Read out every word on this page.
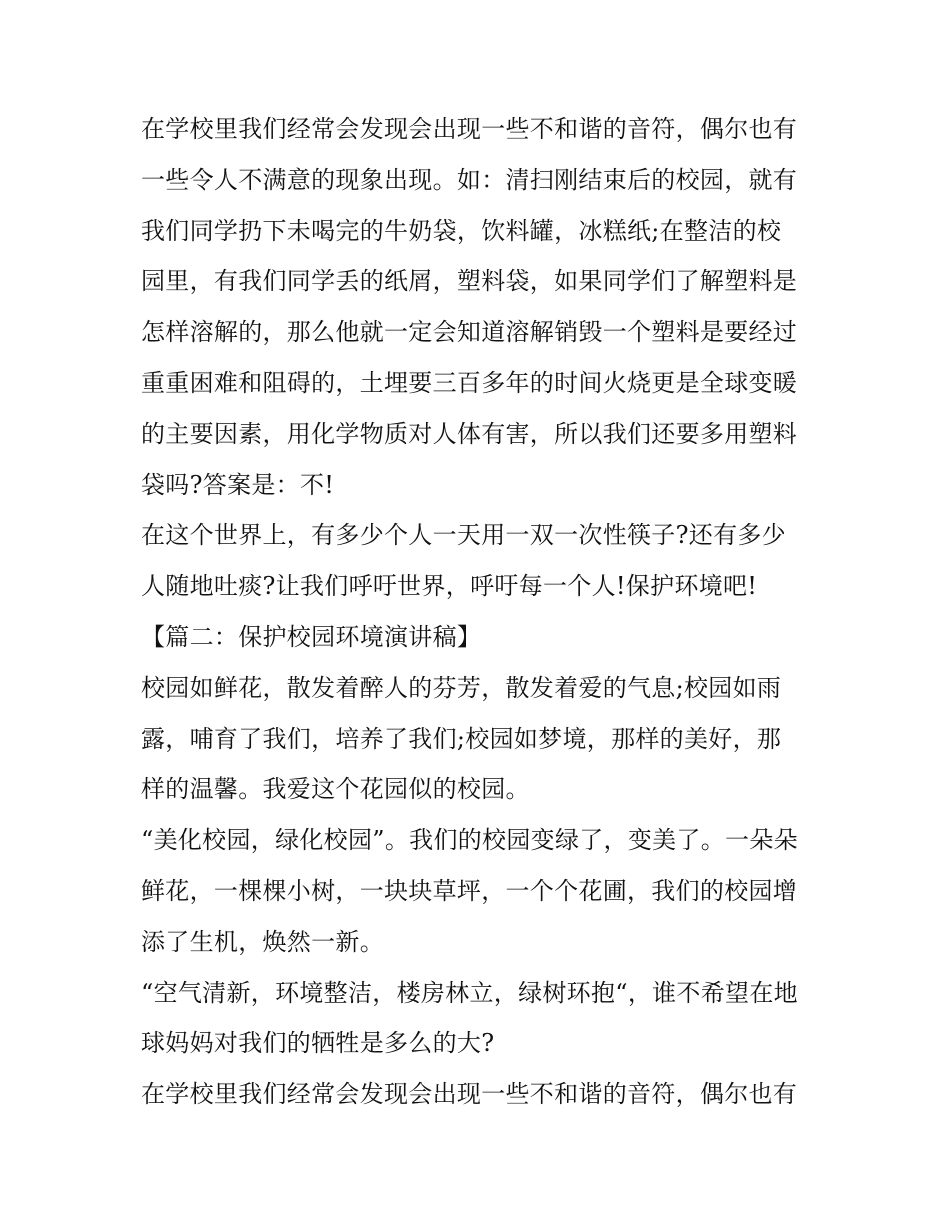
在学校里我们经常会发现会出现一些不和谐的音符，偶尔也有
一些令人不满意的现象出现。如：清扫刚结束后的校园，就有
我们同学扔下未喝完的牛奶袋，饮料罐，冰糕纸;在整洁的校
园里，有我们同学丢的纸屑，塑料袋，如果同学们了解塑料是
怎样溶解的，那么他就一定会知道溶解销毁一个塑料是要经过
重重困难和阻碍的，土埋要三百多年的时间火烧更是全球变暖
的主要因素，用化学物质对人体有害，所以我们还要多用塑料
袋吗?答案是：不!
在这个世界上，有多少个人一天用一双一次性筷子?还有多少
人随地吐痰?让我们呼吁世界，呼吁每一个人!保护环境吧!
【篇二：保护校园环境演讲稿】
校园如鲜花，散发着醉人的芬芳，散发着爱的气息;校园如雨
露，哺育了我们，培养了我们;校园如梦境，那样的美好，那
样的温馨。我爱这个花园似的校园。
“美化校园，绿化校园”。我们的校园变绿了，变美了。一朵朵
鲜花，一棵棵小树，一块块草坪，一个个花圃，我们的校园增
添了生机，焕然一新。
“空气清新，环境整洁，楼房林立，绿树环抱“，谁不希望在地
球妈妈对我们的牺牲是多么的大?
在学校里我们经常会发现会出现一些不和谐的音符，偶尔也有
